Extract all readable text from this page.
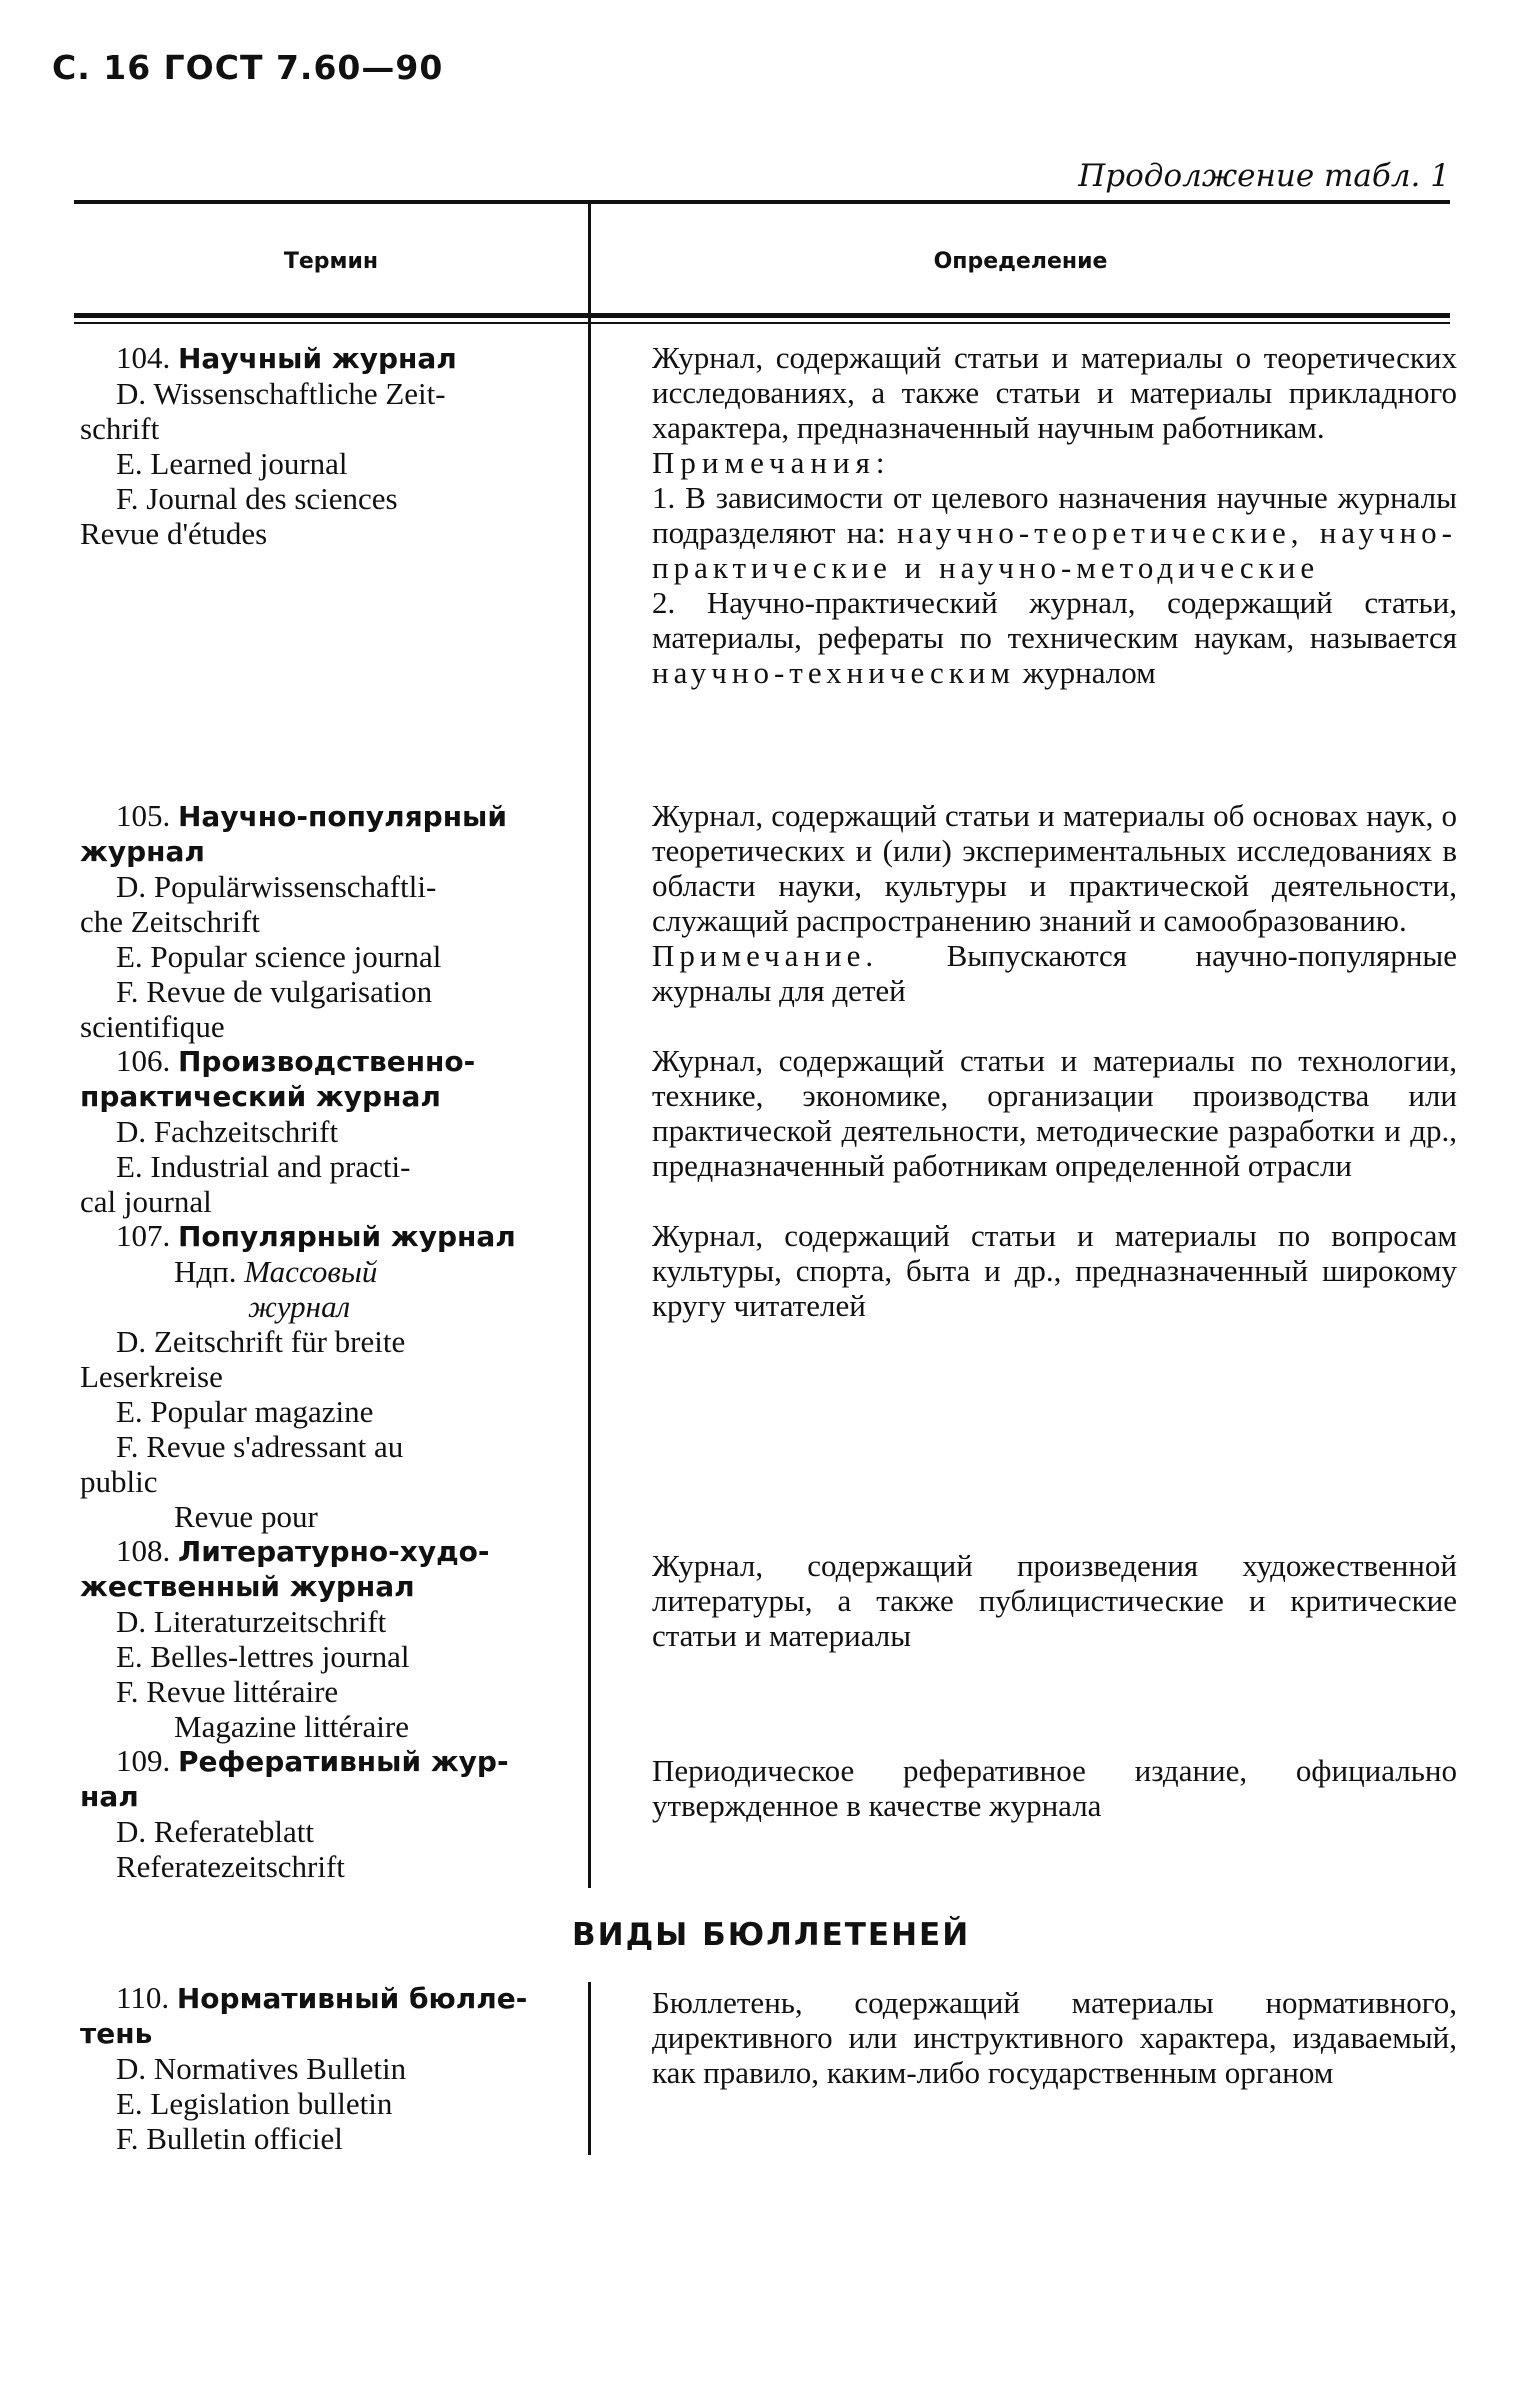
С. 16 ГОСТ 7.60—90
Продолжение табл. 1
Термин	Определение
104. Научный журнал
D. Wissenschaftliche Zeit-
schrift
E. Learned journal
F. Journal des sciences
Revue d'études

Журнал, содержащий статьи и материалы о теоретических исследованиях, а также статьи и материалы прикладного характера, предназначенный научным работникам.

Примечания:

1. В зависимости от целевого назначения научные журналы подразделяют на: научно-теоретические, научно-практические и научно-методические

2. Научно-практический журнал, содержащий статьи, материалы, рефераты по техническим наукам, называется научно-техническим журналом

105. Научно-популярный
журнал
D. Populärwissenschaftli-
che Zeitschrift
E. Popular science journal
F. Revue de vulgarisation
scientifique

Журнал, содержащий статьи и материалы об основах наук, о теоретических и (или) экспериментальных исследованиях в области науки, культуры и практической деятельности, служащий распространению знаний и самообразованию.

Примечание. Выпускаются научно-популярные журналы для детей

106. Производственно-
практический журнал
D. Fachzeitschrift
E. Industrial and practi-
cal journal

Журнал, содержащий статьи и материалы по технологии, технике, экономике, организации производства или практической деятельности, методические разработки и др., предназначенный работникам определенной отрасли

107. Популярный журнал
Ндп. Массовый
журнал
D. Zeitschrift für breite
Leserkreise
E. Popular magazine
F. Revue s'adressant au
public
Revue pour

Журнал, содержащий статьи и материалы по вопросам культуры, спорта, быта и др., предназначенный широкому кругу читателей

108. Литературно-худо-
жественный журнал
D. Literaturzeitschrift
E. Belles-lettres journal
F. Revue littéraire
Magazine littéraire

Журнал, содержащий произведения художественной литературы, а также публицистические и критические статьи и материалы

109. Реферативный жур-
нал
D. Referateblatt
Referatezeitschrift

Периодическое реферативное издание, официально утвержденное в качестве журнала

ВИДЫ БЮЛЛЕТЕНЕЙ
110. Нормативный бюлле-
тень
D. Normatives Bulletin
E. Legislation bulletin
F. Bulletin officiel

Бюллетень, содержащий материалы нормативного, директивного или инструктивного характера, издаваемый, как правило, каким-либо государственным органом
